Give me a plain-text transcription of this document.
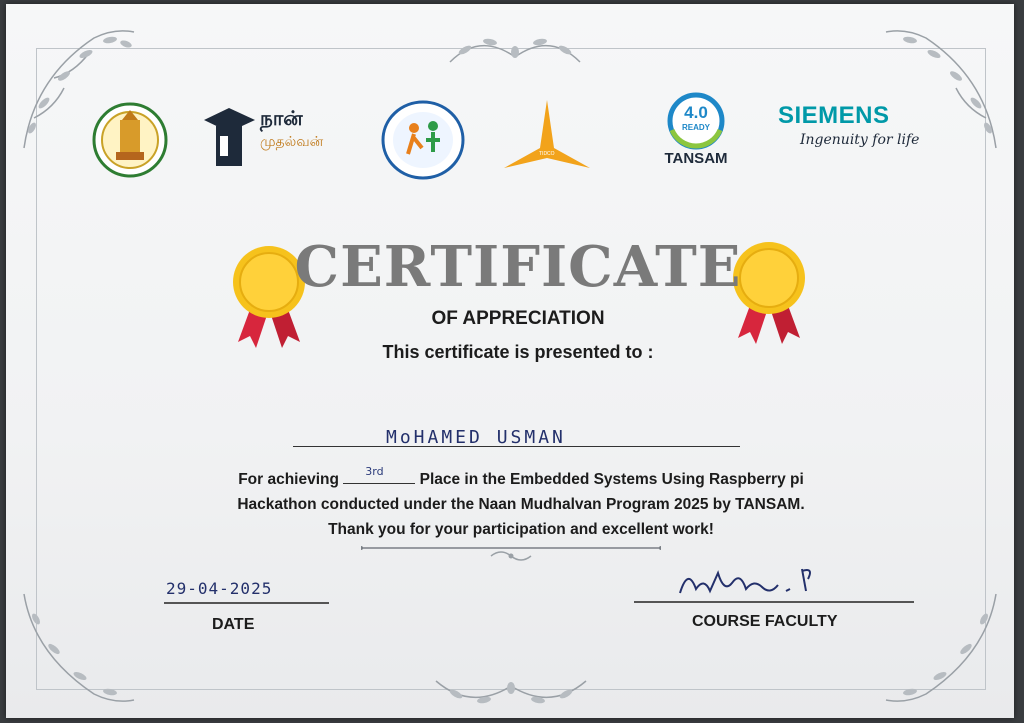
நான்
முதல்வன்
TIDCO
4.0
READY
TANSAM
SIEMENS
Ingenuity for life
CERTIFICATE
OF APPRECIATION
This certificate is presented to :
MoHAMED USMAN
For achieving 3rd Place in the Embedded Systems Using Raspberry pi
Hackathon conducted under the Naan Mudhalvan Program 2025 by TANSAM.
Thank you for your participation and excellent work!
29-04-2025
DATE	COURSE FACULTY
